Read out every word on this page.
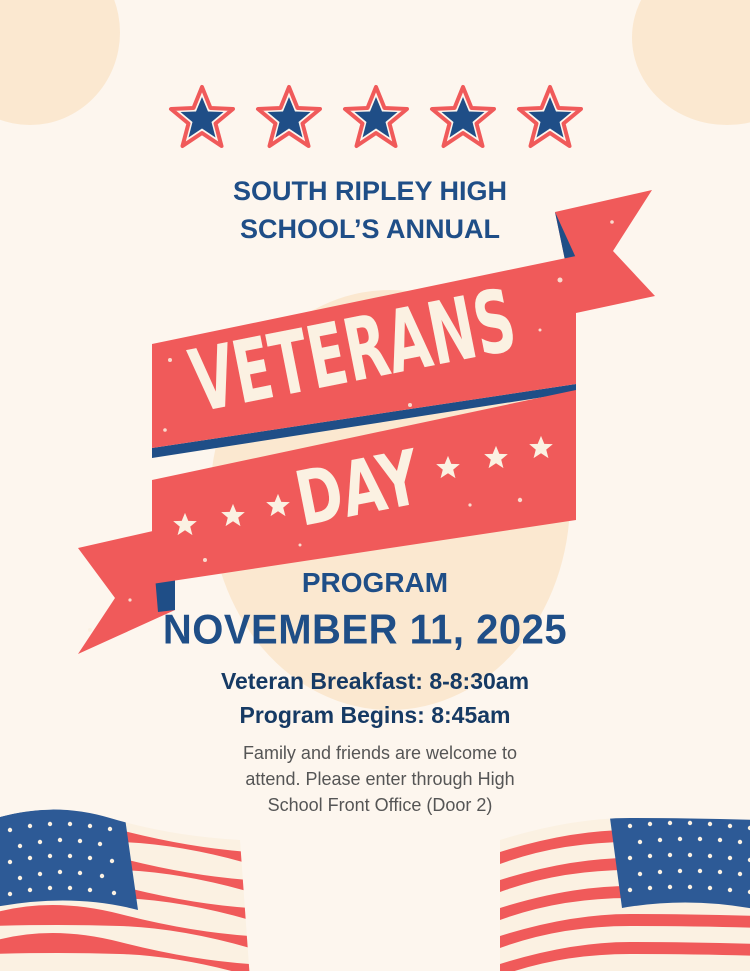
SOUTH RIPLEY HIGH
SCHOOL’S ANNUAL
VETERANS
DAY
PROGRAM
NOVEMBER 11, 2025
Veteran Breakfast: 8-8:30am
Program Begins: 8:45am
Family and friends are welcome to
attend. Please enter through High
School Front Office (Door 2)
